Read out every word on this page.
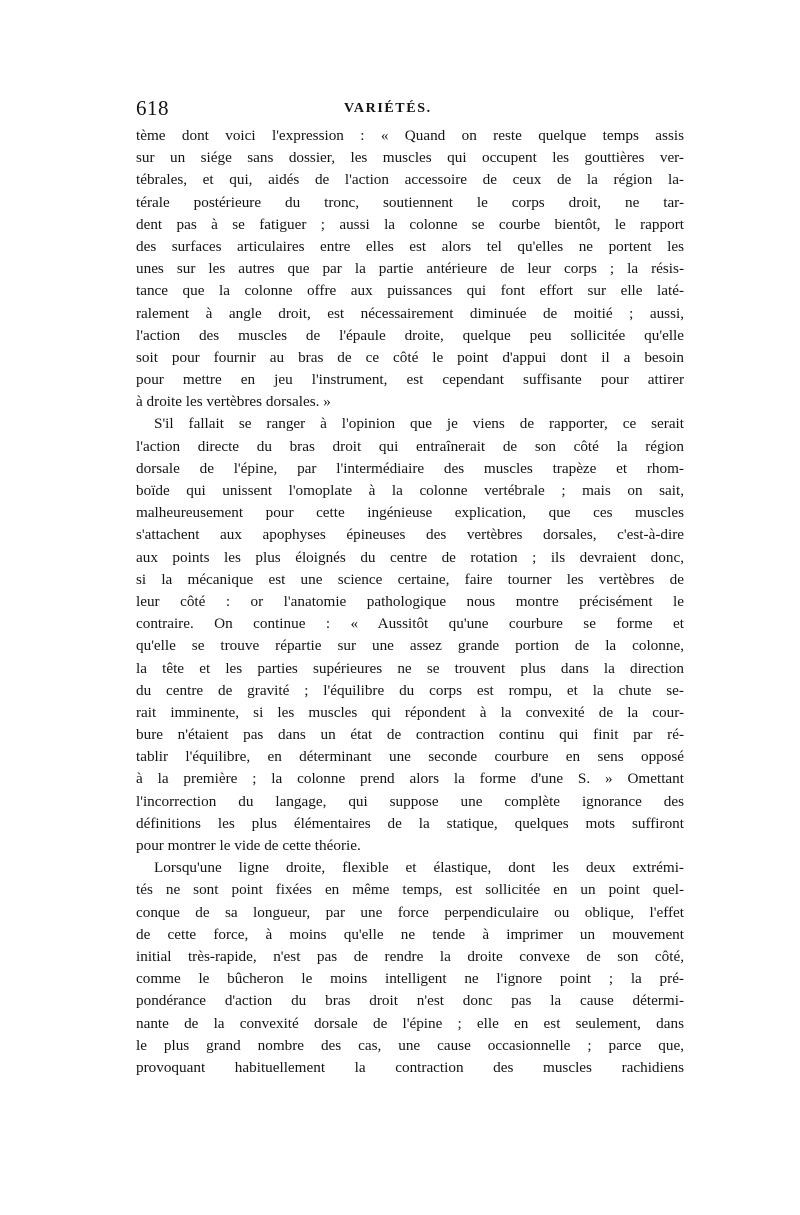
618	VARIÉTÉS.
tème dont voici l'expression : « Quand on reste quelque temps assis
sur un siége sans dossier, les muscles qui occupent les gouttières ver-
tébrales, et qui, aidés de l'action accessoire de ceux de la région la-
térale postérieure du tronc, soutiennent le corps droit, ne tar-
dent pas à se fatiguer ; aussi la colonne se courbe bientôt, le rapport
des surfaces articulaires entre elles est alors tel qu'elles ne portent les
unes sur les autres que par la partie antérieure de leur corps ; la résis-
tance que la colonne offre aux puissances qui font effort sur elle laté-
ralement à angle droit, est nécessairement diminuée de moitié ; aussi,
l'action des muscles de l'épaule droite, quelque peu sollicitée qu'elle
soit pour fournir au bras de ce côté le point d'appui dont il a besoin
pour mettre en jeu l'instrument, est cependant suffisante pour attirer
à droite les vertèbres dorsales. »
S'il fallait se ranger à l'opinion que je viens de rapporter, ce serait
l'action directe du bras droit qui entraînerait de son côté la région
dorsale de l'épine, par l'intermédiaire des muscles trapèze et rhom-
boïde qui unissent l'omoplate à la colonne vertébrale ; mais on sait,
malheureusement pour cette ingénieuse explication, que ces muscles
s'attachent aux apophyses épineuses des vertèbres dorsales, c'est-à-dire
aux points les plus éloignés du centre de rotation ; ils devraient donc,
si la mécanique est une science certaine, faire tourner les vertèbres de
leur côté : or l'anatomie pathologique nous montre précisément le
contraire. On continue : « Aussitôt qu'une courbure se forme et
qu'elle se trouve répartie sur une assez grande portion de la colonne,
la tête et les parties supérieures ne se trouvent plus dans la direction
du centre de gravité ; l'équilibre du corps est rompu, et la chute se-
rait imminente, si les muscles qui répondent à la convexité de la cour-
bure n'étaient pas dans un état de contraction continu qui finit par ré-
tablir l'équilibre, en déterminant une seconde courbure en sens opposé
à la première ; la colonne prend alors la forme d'une S. » Omettant
l'incorrection du langage, qui suppose une complète ignorance des
définitions les plus élémentaires de la statique, quelques mots suffiront
pour montrer le vide de cette théorie.
Lorsqu'une ligne droite, flexible et élastique, dont les deux extrémi-
tés ne sont point fixées en même temps, est sollicitée en un point quel-
conque de sa longueur, par une force perpendiculaire ou oblique, l'effet
de cette force, à moins qu'elle ne tende à imprimer un mouvement
initial très-rapide, n'est pas de rendre la droite convexe de son côté,
comme le bûcheron le moins intelligent ne l'ignore point ; la pré-
pondérance d'action du bras droit n'est donc pas la cause détermi-
nante de la convexité dorsale de l'épine ; elle en est seulement, dans
le plus grand nombre des cas, une cause occasionnelle ; parce que,
provoquant habituellement la contraction des muscles rachidiens
